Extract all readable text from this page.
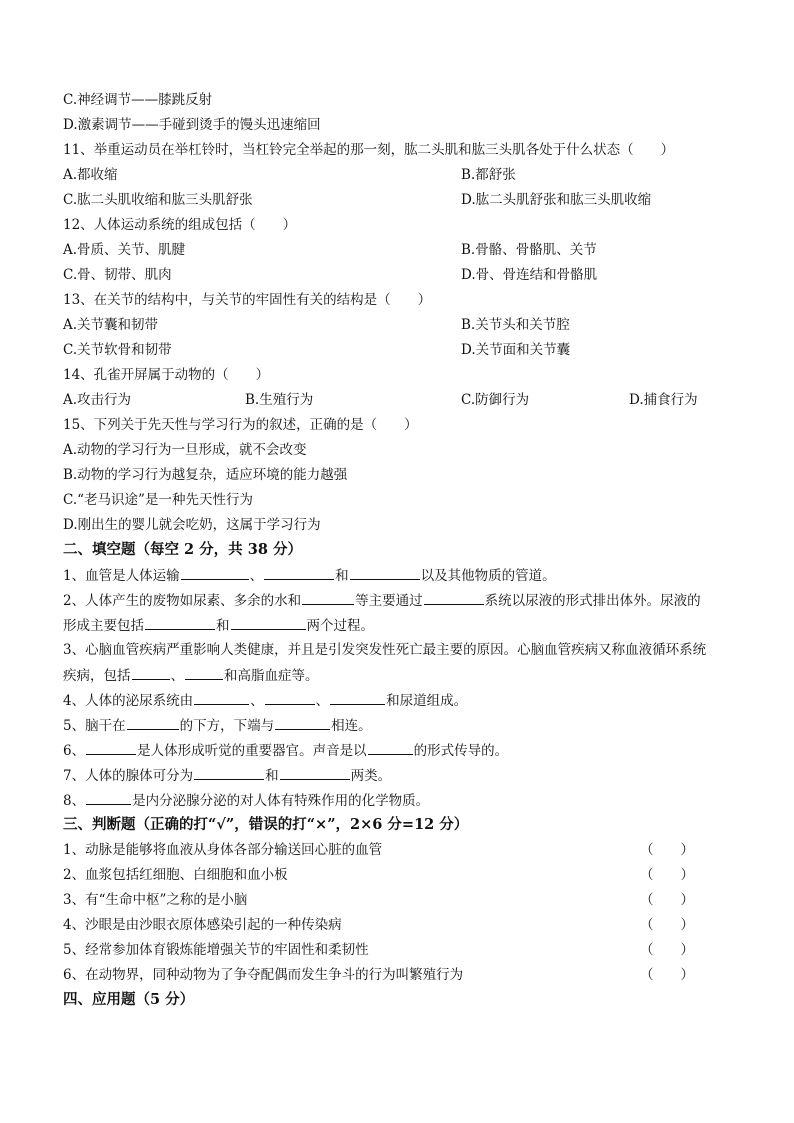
C.神经调节——膝跳反射
D.激素调节——手碰到烫手的馒头迅速缩回
11、举重运动员在举杠铃时，当杠铃完全举起的那一刻，肱二头肌和肱三头肌各处于什么状态（　　）
A.都收缩	B.都舒张
C.肱二头肌收缩和肱三头肌舒张	D.肱二头肌舒张和肱三头肌收缩
12、人体运动系统的组成包括（　　）
A.骨质、关节、肌腱	B.骨骼、骨骼肌、关节
C.骨、韧带、肌肉	D.骨、骨连结和骨骼肌
13、在关节的结构中，与关节的牢固性有关的结构是（　　）
A.关节囊和韧带	B.关节头和关节腔
C.关节软骨和韧带	D.关节面和关节囊
14、孔雀开屏属于动物的（　　）
A.攻击行为	B.生殖行为	C.防御行为	D.捕食行为
15、下列关于先天性与学习行为的叙述，正确的是（　　）
A.动物的学习行为一旦形成，就不会改变
B.动物的学习行为越复杂，适应环境的能力越强
C.“老马识途”是一种先天性行为
D.刚出生的婴儿就会吃奶，这属于学习行为
二、填空题（每空 2 分，共 38 分）
1、血管是人体运输	、	和	以及其他物质的管道。
2、人体产生的废物如尿素、多余的水和	等主要通过	系统以尿液的形式排出体外。尿液的
形成主要包括	和	两个过程。
3、心脑血管疾病严重影响人类健康，并且是引发突发性死亡最主要的原因。心脑血管疾病又称血液循环系统
疾病，包括	、	和高脂血症等。
4、人体的泌尿系统由	、	、	和尿道组成。
5、脑干在	的下方，下端与	相连。
6、	是人体形成听觉的重要器官。声音是以	的形式传导的。
7、人体的腺体可分为	和	两类。
8、	是内分泌腺分泌的对人体有特殊作用的化学物质。
三、判断题（正确的打“√”，错误的打“×”，2×6 分=12 分）
1、动脉是能够将血液从身体各部分输送回心脏的血管	（　　）
2、血浆包括红细胞、白细胞和血小板	（　　）
3、有“生命中枢”之称的是小脑	（　　）
4、沙眼是由沙眼衣原体感染引起的一种传染病	（　　）
5、经常参加体育锻炼能增强关节的牢固性和柔韧性	（　　）
6、在动物界，同种动物为了争夺配偶而发生争斗的行为叫繁殖行为	（　　）
四、应用题（5 分）
